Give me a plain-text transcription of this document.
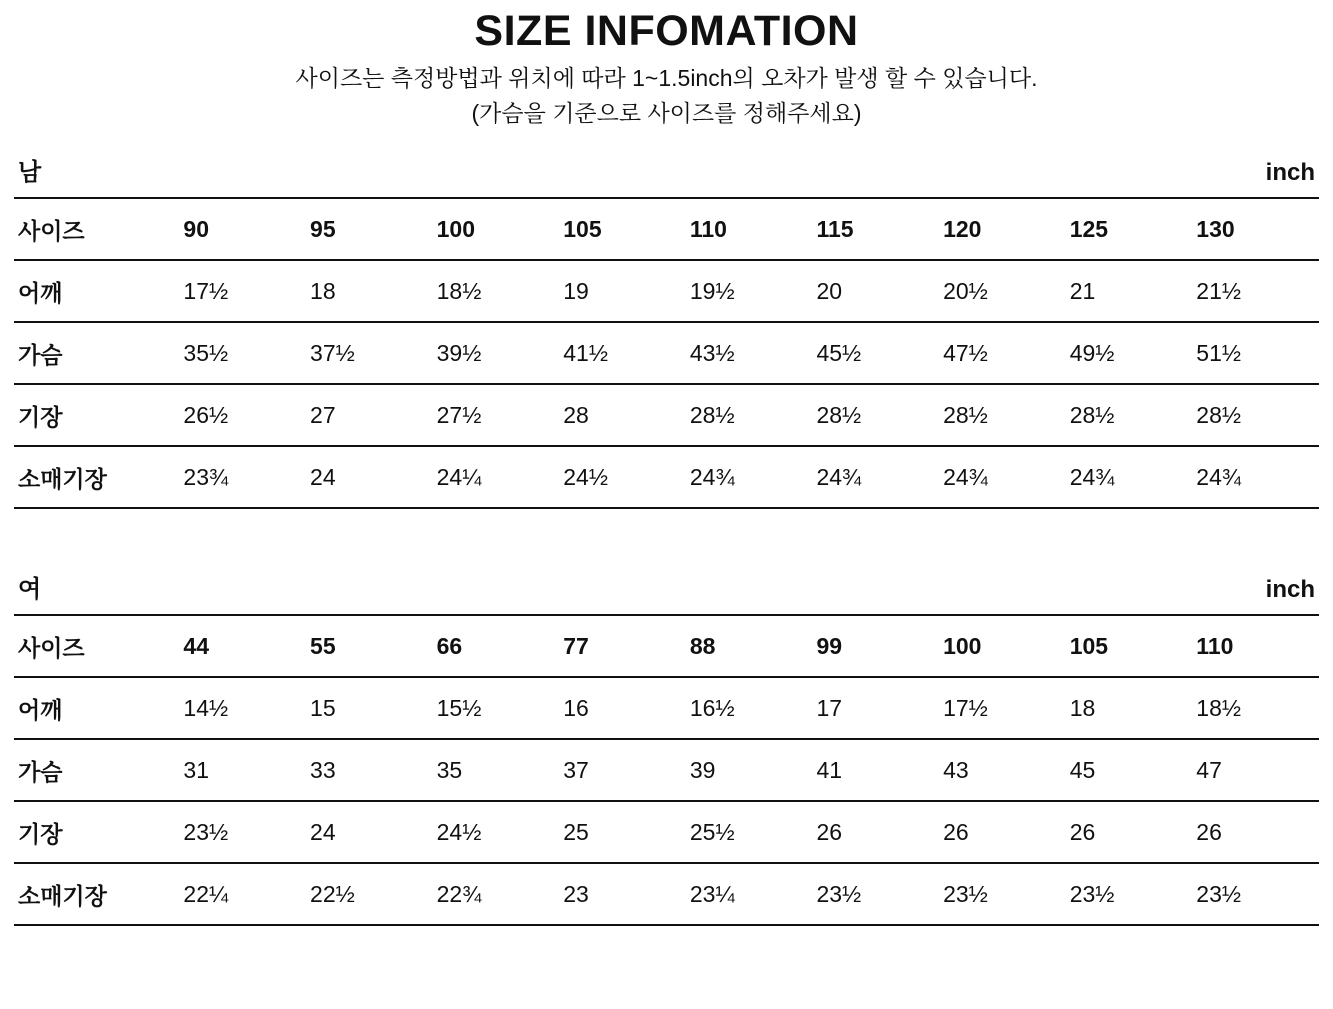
SIZE INFOMATION
사이즈는 측정방법과 위치에 따라 1~1.5inch의 오차가 발생 할 수 있습니다.
(가슴을 기준으로 사이즈를 정해주세요)
남	inch
사이즈	90	95	100	105	110	115	120	125	130
어깨	17½	18	18½	19	19½	20	20½	21	21½
가슴	35½	37½	39½	41½	43½	45½	47½	49½	51½
기장	26½	27	27½	28	28½	28½	28½	28½	28½
소매기장	23¾	24	24¼	24½	24¾	24¾	24¾	24¾	24¾
여	inch
사이즈	44	55	66	77	88	99	100	105	110
어깨	14½	15	15½	16	16½	17	17½	18	18½
가슴	31	33	35	37	39	41	43	45	47
기장	23½	24	24½	25	25½	26	26	26	26
소매기장	22¼	22½	22¾	23	23¼	23½	23½	23½	23½
